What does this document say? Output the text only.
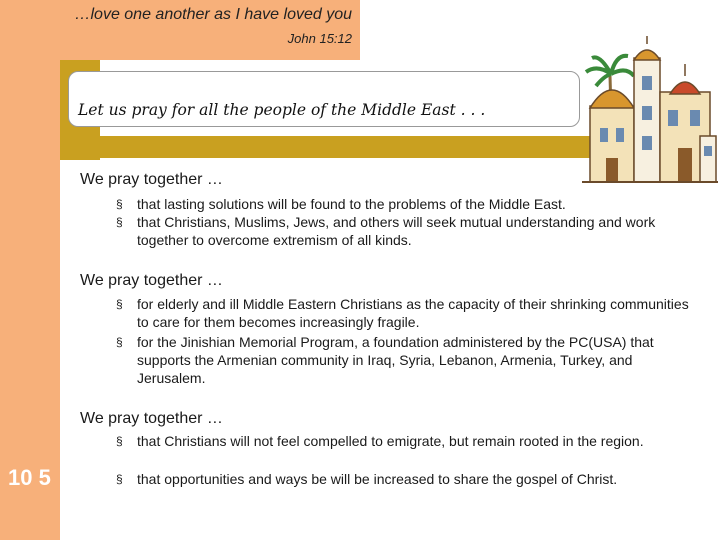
…love one another as I have loved you
John 15:12
Let us pray for all the people of the Middle East . . .
We pray together …
§	that lasting solutions will be found to the problems of the Middle East.
§	that Christians, Muslims, Jews, and others will seek mutual understanding and work together to overcome extremism of all kinds.
We pray together …
§	for elderly and ill Middle Eastern Christians as the capacity of their shrinking communities to care for them becomes increasingly fragile.
§	for the Jinishian Memorial Program, a foundation administered by the PC(USA) that supports the Armenian community in Iraq, Syria, Lebanon, Armenia, Turkey, and Jerusalem.
We pray together …
§	that Christians will not feel compelled to emigrate, but remain rooted in the region.
§	that opportunities and ways be will be increased to share the gospel of Christ.
10 5
